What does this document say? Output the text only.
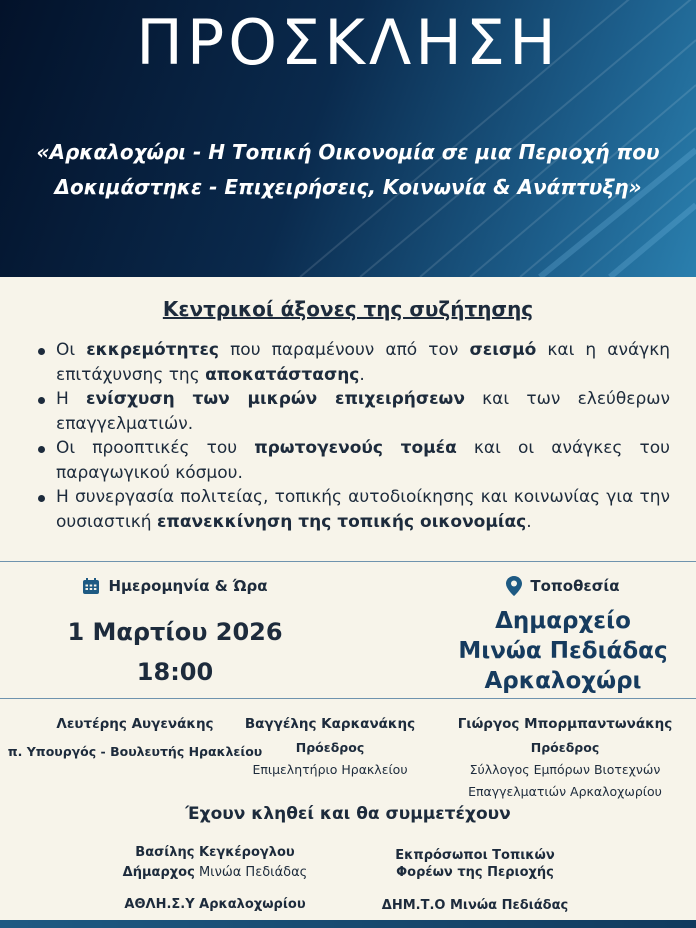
ΠΡΟΣΚΛΗΣΗ
«Αρκαλοχώρι - Η Τοπική Οικονομία σε μια Περιοχή που
Δοκιμάστηκε - Επιχειρήσεις, Κοινωνία & Ανάπτυξη»
Κεντρικοί άξονες της συζήτησης
Οι εκκρεμότητες που παραμένουν από τον σεισμό και η ανάγκη επιτάχυνσης της αποκατάστασης.
Η ενίσχυση των μικρών επιχειρήσεων και των ελεύθερων επαγγελματιών.
Οι προοπτικές του πρωτογενούς τομέα και οι ανάγκες του παραγωγικού κόσμου.
Η συνεργασία πολιτείας, τοπικής αυτοδιοίκησης και κοινωνίας για την ουσιαστική επανεκκίνηση της τοπικής οικονομίας.
Ημερομηνία & Ώρα
1 Μαρτίου 2026
18:00
Τοποθεσία
Δημαρχείο
Μινώα Πεδιάδας
Αρκαλοχώρι
Λευτέρης Αυγενάκης
π. Υπουργός - Βουλευτής Ηρακλείου
Βαγγέλης Καρκανάκης
Πρόεδρος
Επιμελητήριο Ηρακλείου
Γιώργος Μπορμπαντωνάκης
Πρόεδρος
Σύλλογος Εμπόρων Βιοτεχνών
Επαγγελματιών Αρκαλοχωρίου
Έχουν κληθεί και θα συμμετέχουν
Βασίλης Κεγκέρογλου
Δήμαρχος Μινώα Πεδιάδας
ΑΘΛΗ.Σ.Υ Αρκαλοχωρίου
Εκπρόσωποι Τοπικών
Φορέων της Περιοχής
ΔΗΜ.Τ.Ο Μινώα Πεδιάδας
